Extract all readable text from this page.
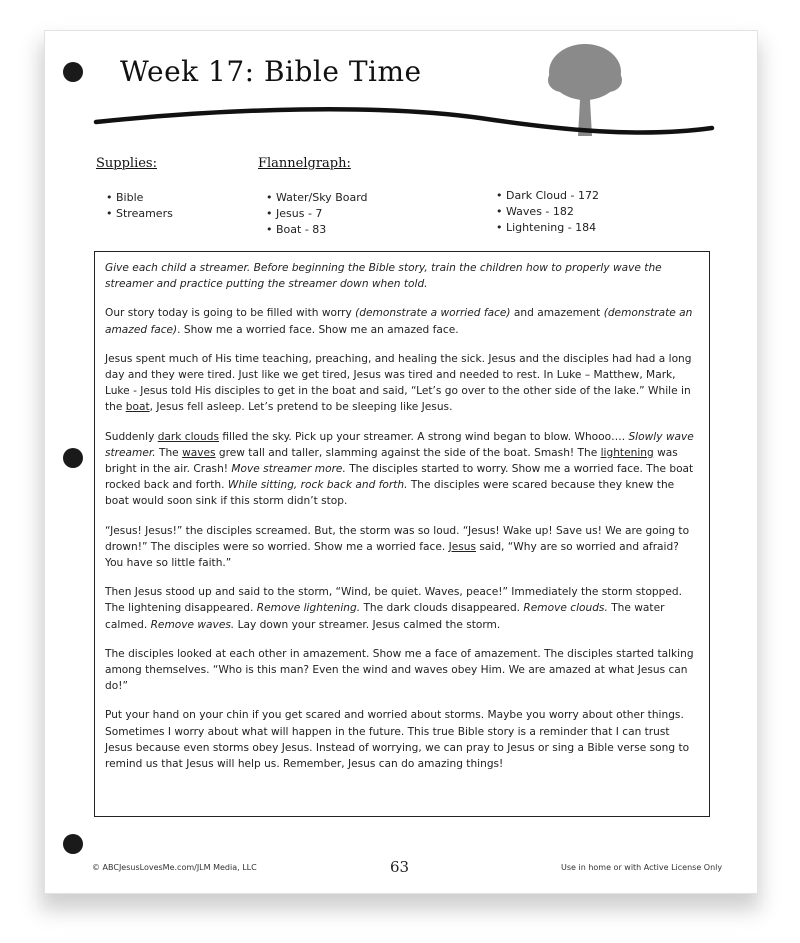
Week 17: Bible Time
Supplies:
• Bible
• Streamers
Flannelgraph:
• Water/Sky Board
• Jesus - 7
• Boat - 83
• Dark Cloud - 172
• Waves - 182
• Lightening - 184

Give each child a streamer. Before beginning the Bible story, train the children how to properly wave the streamer and practice putting the streamer down when told.

Our story today is going to be filled with worry (demonstrate a worried face) and amazement (demonstrate an amazed face). Show me a worried face. Show me an amazed face.

Jesus spent much of His time teaching, preaching, and healing the sick. Jesus and the disciples had had a long day and they were tired. Just like we get tired, Jesus was tired and needed to rest. In Luke – Matthew, Mark, Luke - Jesus told His disciples to get in the boat and said, “Let’s go over to the other side of the lake.” While in the boat, Jesus fell asleep. Let’s pretend to be sleeping like Jesus.

Suddenly dark clouds filled the sky. Pick up your streamer. A strong wind began to blow. Whooo…. Slowly wave streamer. The waves grew tall and taller, slamming against the side of the boat. Smash! The lightening was bright in the air. Crash! Move streamer more. The disciples started to worry. Show me a worried face. The boat rocked back and forth. While sitting, rock back and forth. The disciples were scared because they knew the boat would soon sink if this storm didn’t stop.

“Jesus! Jesus!” the disciples screamed. But, the storm was so loud. “Jesus! Wake up! Save us! We are going to drown!” The disciples were so worried. Show me a worried face. Jesus said, “Why are so worried and afraid? You have so little faith.”

Then Jesus stood up and said to the storm, “Wind, be quiet. Waves, peace!” Immediately the storm stopped. The lightening disappeared. Remove lightening. The dark clouds disappeared. Remove clouds. The water calmed. Remove waves. Lay down your streamer. Jesus calmed the storm.

The disciples looked at each other in amazement. Show me a face of amazement. The disciples started talking among themselves. “Who is this man? Even the wind and waves obey Him. We are amazed at what Jesus can do!”

Put your hand on your chin if you get scared and worried about storms. Maybe you worry about other things. Sometimes I worry about what will happen in the future. This true Bible story is a reminder that I can trust Jesus because even storms obey Jesus. Instead of worrying, we can pray to Jesus or sing a Bible verse song to remind us that Jesus will help us. Remember, Jesus can do amazing things!

© ABCJesusLovesMe.com/JLM Media, LLC	63	Use in home or with Active License Only
